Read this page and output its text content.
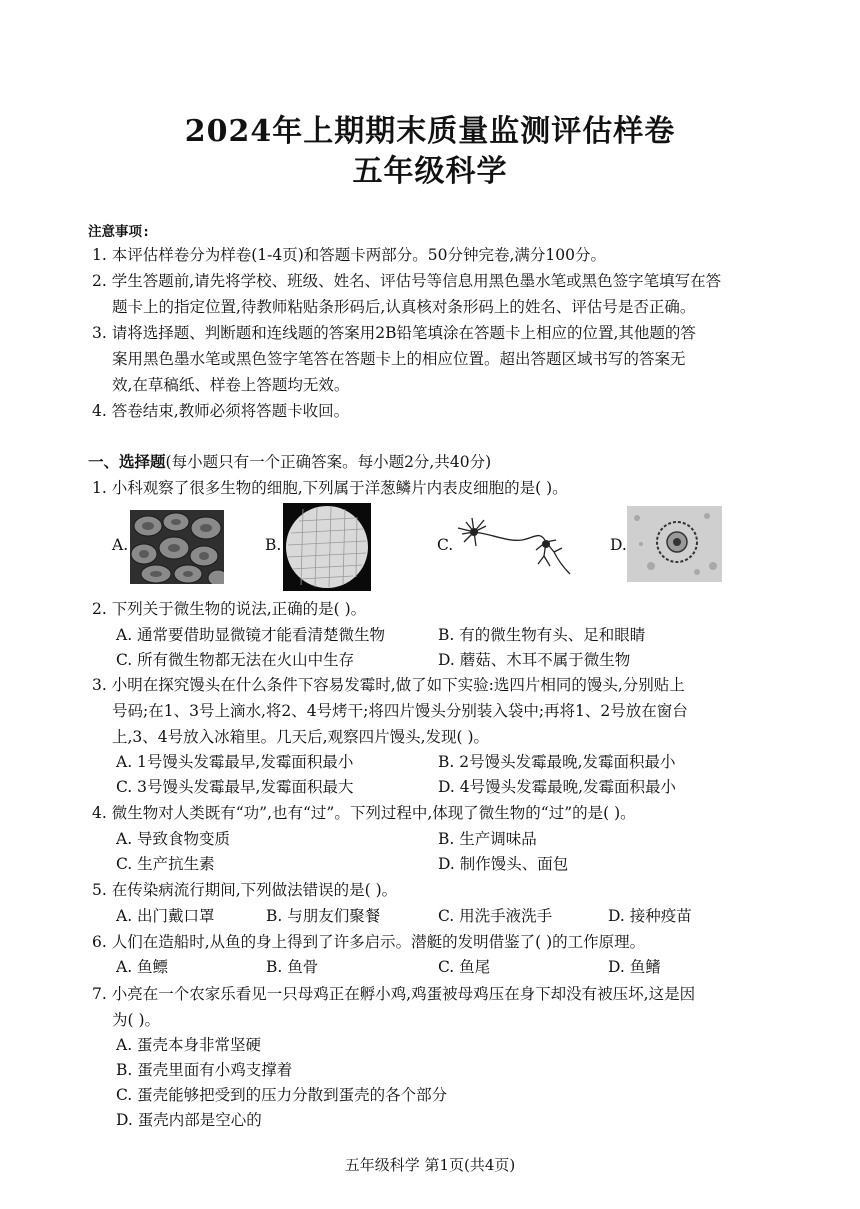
2024年上期期末质量监测评估样卷
五年级科学
注意事项:
1. 本评估样卷分为样卷(1-4页)和答题卡两部分。50分钟完卷,满分100分。
2. 学生答题前,请先将学校、班级、姓名、评估号等信息用黑色墨水笔或黑色签字笔填写在答
题卡上的指定位置,待教师粘贴条形码后,认真核对条形码上的姓名、评估号是否正确。
3. 请将选择题、判断题和连线题的答案用2B铅笔填涂在答题卡上相应的位置,其他题的答
案用黑色墨水笔或黑色签字笔答在答题卡上的相应位置。超出答题区域书写的答案无
效,在草稿纸、样卷上答题均无效。
4. 答卷结束,教师必须将答题卡收回。
一、选择题(每小题只有一个正确答案。每小题2分,共40分)
1. 小科观察了很多生物的细胞,下列属于洋葱鳞片内表皮细胞的是( )。
A.	B.	C.	D.
2. 下列关于微生物的说法,正确的是( )。
A. 通常要借助显微镜才能看清楚微生物	B. 有的微生物有头、足和眼睛
C. 所有微生物都无法在火山中生存	D. 蘑菇、木耳不属于微生物
3. 小明在探究馒头在什么条件下容易发霉时,做了如下实验:选四片相同的馒头,分别贴上
号码;在1、3号上滴水,将2、4号烤干;将四片馒头分别装入袋中;再将1、2号放在窗台
上,3、4号放入冰箱里。几天后,观察四片馒头,发现( )。
A. 1号馒头发霉最早,发霉面积最小	B. 2号馒头发霉最晚,发霉面积最小
C. 3号馒头发霉最早,发霉面积最大	D. 4号馒头发霉最晚,发霉面积最小
4. 微生物对人类既有“功”,也有“过”。下列过程中,体现了微生物的“过”的是( )。
A. 导致食物变质	B. 生产调味品
C. 生产抗生素	D. 制作馒头、面包
5. 在传染病流行期间,下列做法错误的是( )。
A. 出门戴口罩	B. 与朋友们聚餐	C. 用洗手液洗手	D. 接种疫苗
6. 人们在造船时,从鱼的身上得到了许多启示。潜艇的发明借鉴了( )的工作原理。
A. 鱼鳔	B. 鱼骨	C. 鱼尾	D. 鱼鳍
7. 小亮在一个农家乐看见一只母鸡正在孵小鸡,鸡蛋被母鸡压在身下却没有被压坏,这是因
为( )。
A. 蛋壳本身非常坚硬
B. 蛋壳里面有小鸡支撑着
C. 蛋壳能够把受到的压力分散到蛋壳的各个部分
D. 蛋壳内部是空心的
五年级科学 第1页(共4页)
